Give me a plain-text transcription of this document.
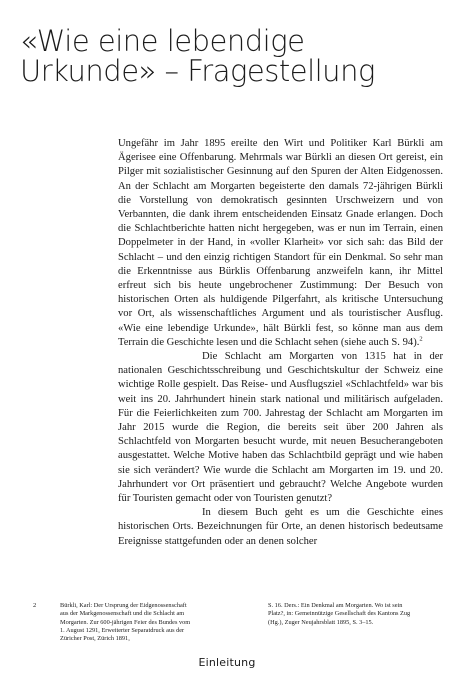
«Wie eine lebendige
Urkunde» – Fragestellung

Ungefähr im Jahr 1895 ereilte den Wirt und Politiker Karl Bürkli am Ägerisee eine Offenbarung. Mehrmals war Bürkli an diesen Ort gereist, ein Pilger mit sozialistischer Gesinnung auf den Spuren der Alten Eidgenossen. An der Schlacht am Morgarten begeisterte den damals 72-jährigen Bürkli die Vorstellung von demokratisch gesinnten Urschweizern und von Verbannten, die dank ihrem entscheidenden Einsatz Gnade erlangen. Doch die Schlachtberichte hatten nicht hergegeben, was er nun im Terrain, einen Doppelmeter in der Hand, in «voller Klarheit» vor sich sah: das Bild der Schlacht – und den einzig richtigen Standort für ein Denkmal. So sehr man die Erkenntnisse aus Bürklis Offenbarung anzweifeln kann, ihr Mittel erfreut sich bis heute ungebrochener Zustimmung: Der Besuch von historischen Orten als huldigende Pilgerfahrt, als kritische Untersuchung vor Ort, als wissenschaftliches Argument und als touristischer Ausflug. «Wie eine lebendige Urkunde», hält Bürkli fest, so könne man aus dem Terrain die Geschichte lesen und die Schlacht sehen (siehe auch S. 94).$^2$

Die Schlacht am Morgarten von 1315 hat in der nationalen Geschichtsschreibung und Geschichtskultur der Schweiz eine wichtige Rolle gespielt. Das Reise- und Ausflugsziel «Schlachtfeld» war bis weit ins 20. Jahrhundert hinein stark national und militärisch aufgeladen. Für die Feierlichkeiten zum 700. Jahrestag der Schlacht am Morgarten im Jahr 2015 wurde die Region, die bereits seit über 200 Jahren als Schlachtfeld von Morgarten besucht wurde, mit neuen Besucherangeboten ausgestattet. Welche Motive haben das Schlachtbild geprägt und wie haben sie sich verändert? Wie wurde die Schlacht am Morgarten im 19. und 20. Jahrhundert vor Ort präsentiert und gebraucht? Welche Angebote wurden für Touristen gemacht oder von Touristen genutzt?

In diesem Buch geht es um die Geschichte eines historischen Orts. Bezeichnungen für Orte, an denen historisch bedeutsame Ereignisse stattgefunden oder an denen solcher

2	Bürkli, Karl: Der Ursprung der Eidgenossenschaft aus der Markgenossenschaft und die Schlacht am Morgarten. Zur 600-jährigen Feier des Bundes vom 1. August 1291, Erweiterter Separatdruck aus der Züricher Post, Zürich 1891,
S. 16. Ders.: Ein Denkmal am Morgarten. Wo ist sein Platz?, in: Gemeinnützige Gesellschaft des Kantons Zug (Hg.), Zuger Neujahrsblatt 1895, S. 3–15.
Einleitung
